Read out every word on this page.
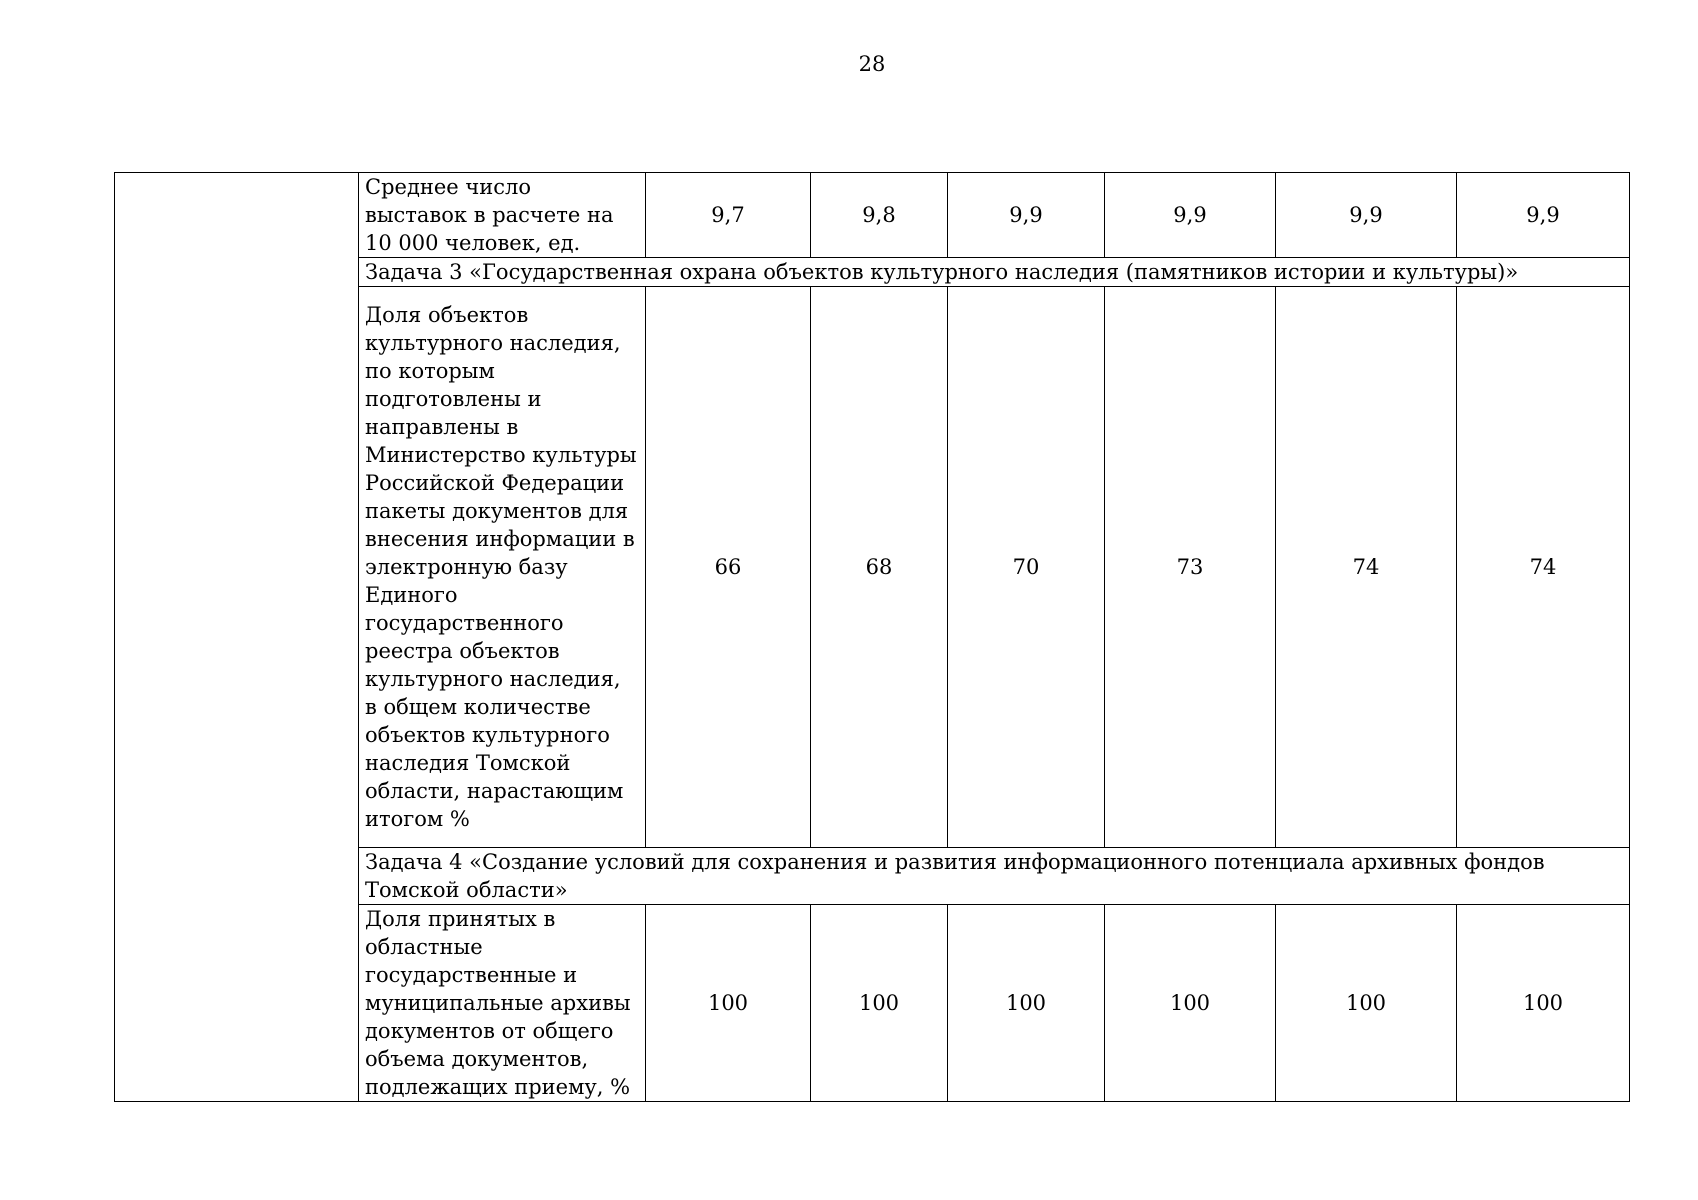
28
	Среднее число выставок в расчете на 10 000 человек, ед.	9,7	9,8	9,9	9,9	9,9	9,9
	Задача 3 «Государственная охрана объектов культурного наследия (памятников истории и культуры)»						
	Доля объектов культурного наследия, по которым подготовлены и направлены в Министерство культуры Российской Федерации пакеты документов для внесения информации в электронную базу Единого государственного реестра объектов культурного наследия, в общем количестве объектов культурного наследия Томской области, нарастающим итогом %	66	68	70	73	74	74
	Задача 4 «Создание условий для сохранения и развития информационного потенциала архивных фондов Томской области»						
	Доля принятых в областные государственные и муниципальные архивы документов от общего объема документов, подлежащих приему, %	100	100	100	100	100	100
